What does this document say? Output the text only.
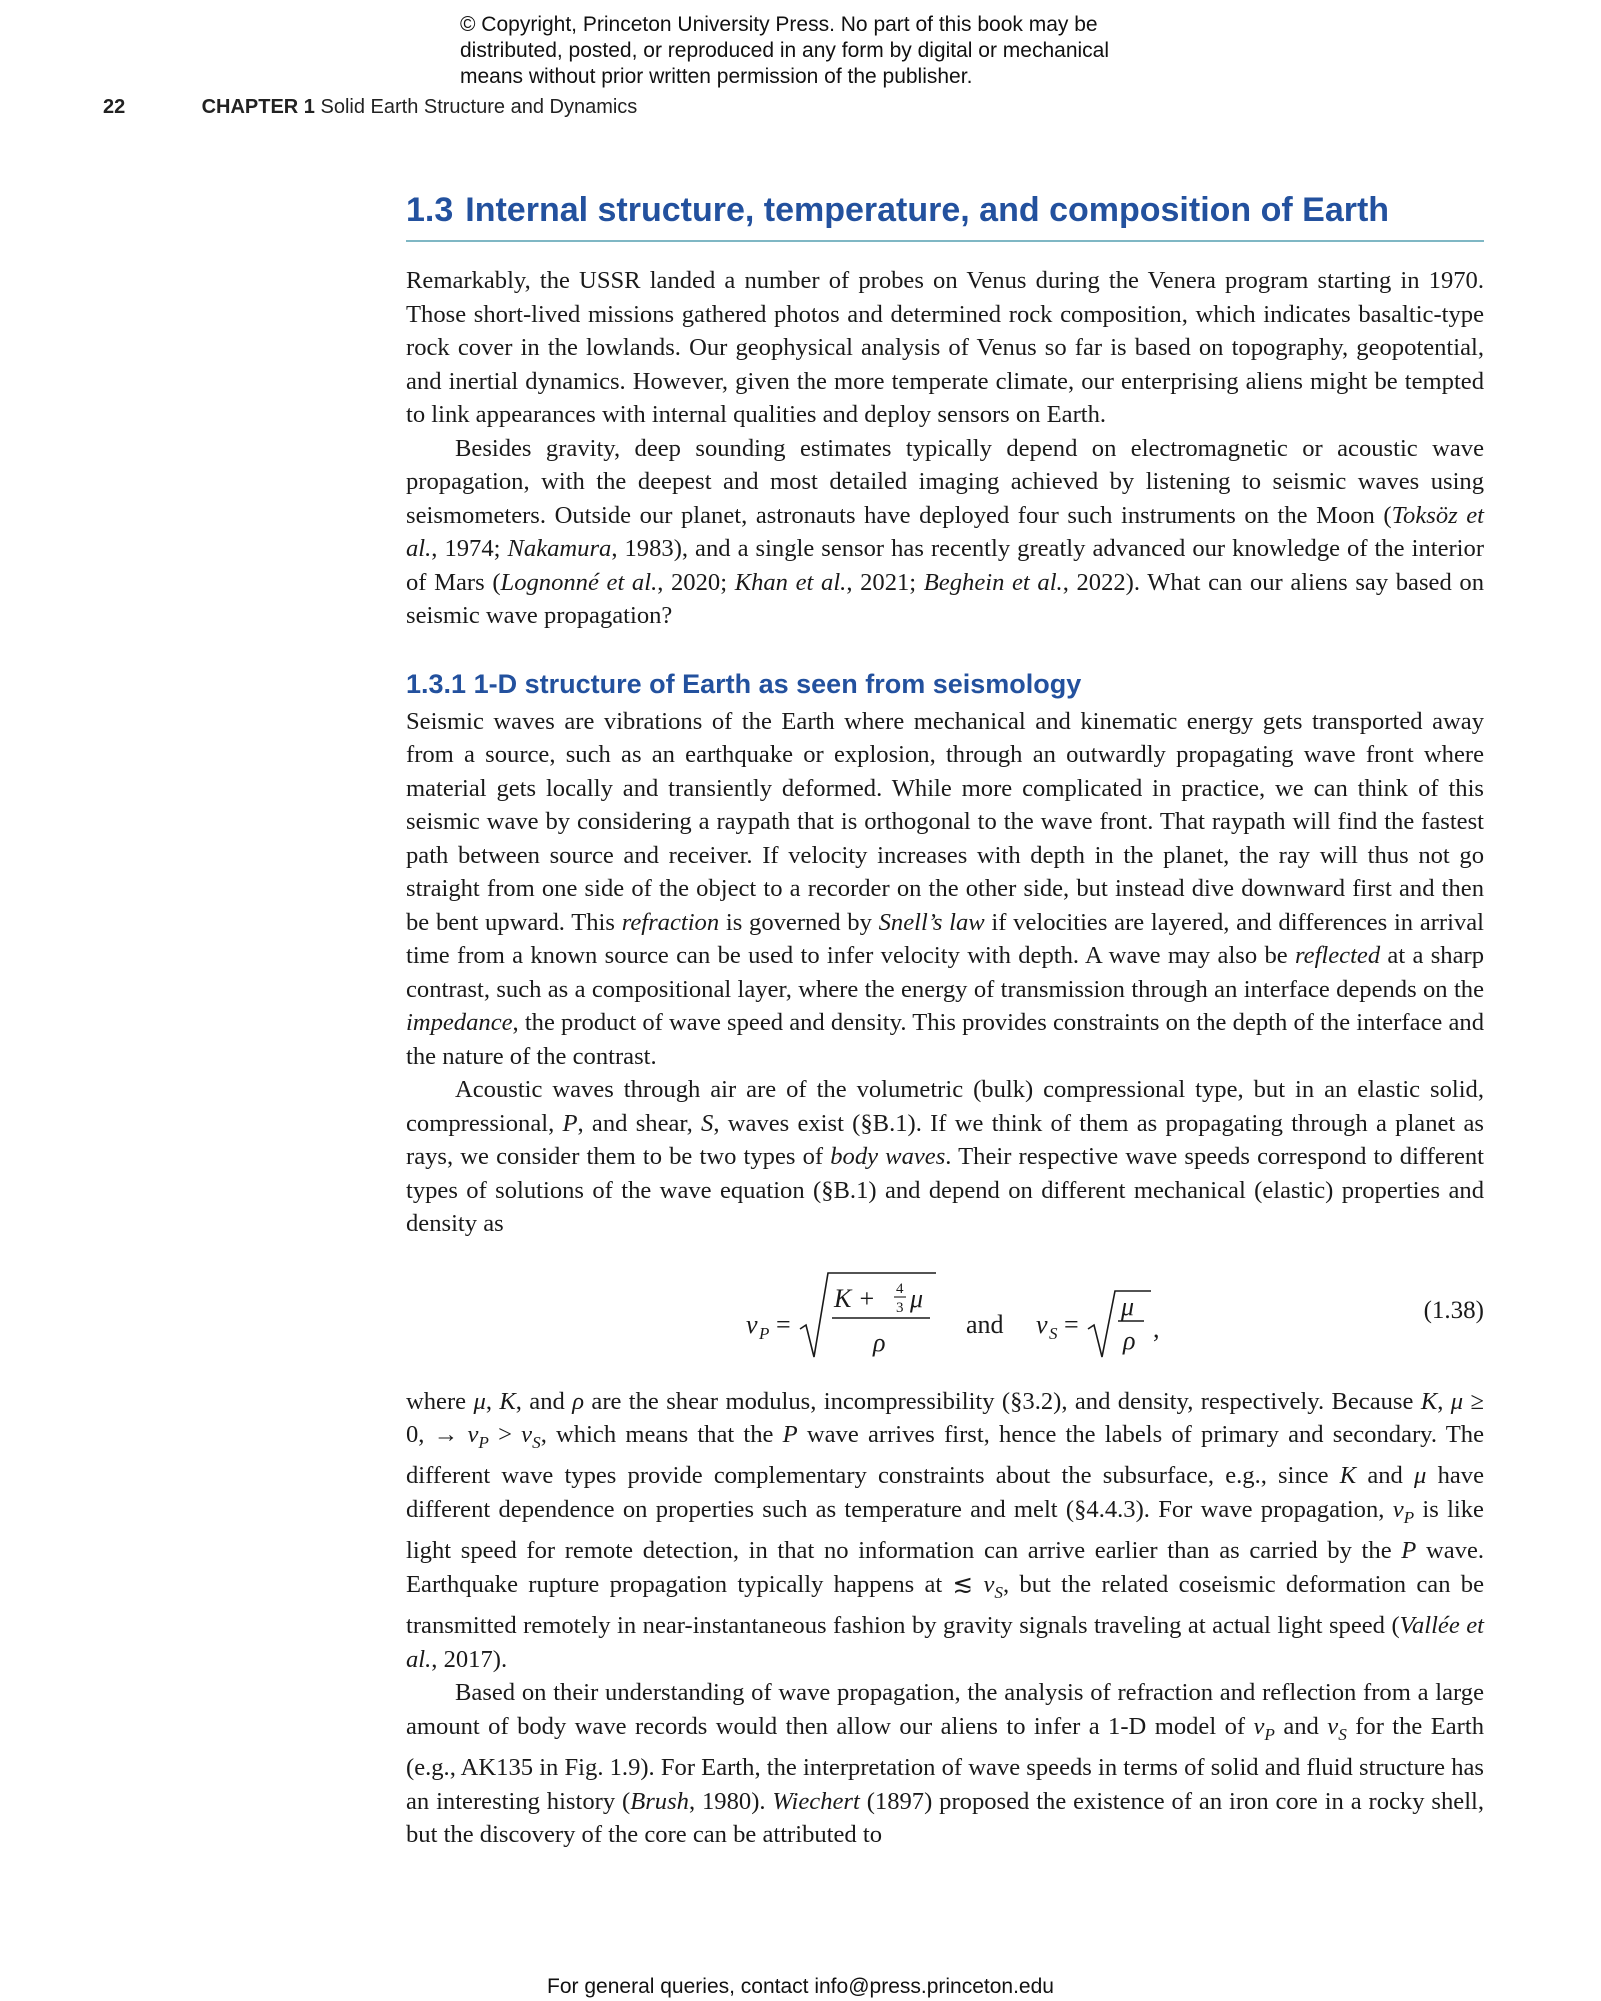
© Copyright, Princeton University Press. No part of this book may be
distributed, posted, or reproduced in any form by digital or mechanical
means without prior written permission of the publisher.
22	CHAPTER 1 Solid Earth Structure and Dynamics
1.3 Internal structure, temperature, and composition of Earth

Remarkably, the USSR landed a number of probes on Venus during the Venera program starting in 1970. Those short-lived missions gathered photos and determined rock composition, which indicates basaltic-type rock cover in the lowlands. Our geophysical analysis of Venus so far is based on topography, geopotential, and inertial dynamics. However, given the more temperate climate, our enterprising aliens might be tempted to link appearances with internal qualities and deploy sensors on Earth.

Besides gravity, deep sounding estimates typically depend on electromagnetic or acoustic wave propagation, with the deepest and most detailed imaging achieved by listening to seismic waves using seismometers. Outside our planet, astronauts have deployed four such instruments on the Moon (Toksöz et al., 1974; Nakamura, 1983), and a single sensor has recently greatly advanced our knowledge of the interior of Mars (Lognonné et al., 2020; Khan et al., 2021; Beghein et al., 2022). What can our aliens say based on seismic wave propagation?

1.3.1 1-D structure of Earth as seen from seismology

Seismic waves are vibrations of the Earth where mechanical and kinematic energy gets transported away from a source, such as an earthquake or explosion, through an outwardly propagating wave front where material gets locally and transiently deformed. While more complicated in practice, we can think of this seismic wave by considering a raypath that is orthogonal to the wave front. That raypath will find the fastest path between source and receiver. If velocity increases with depth in the planet, the ray will thus not go straight from one side of the object to a recorder on the other side, but instead dive downward first and then be bent upward. This refraction is governed by Snell’s law if velocities are layered, and differences in arrival time from a known source can be used to infer velocity with depth. A wave may also be reflected at a sharp contrast, such as a compositional layer, where the energy of transmission through an interface depends on the impedance, the product of wave speed and density. This provides constraints on the depth of the interface and the nature of the contrast.

Acoustic waves through air are of the volumetric (bulk) compressional type, but in an elastic solid, compressional, P, and shear, S, waves exist (§B.1). If we think of them as propagating through a planet as rays, we consider them to be two types of body waves. Their respective wave speeds correspond to different types of solutions of the wave equation (§B.1) and depend on different mechanical (elastic) properties and density as

v P =
K + 4
3 μ
ρ
and v S =
μ
ρ ,
(1.38)

where μ, K, and ρ are the shear modulus, incompressibility (§3.2), and density, respectively. Because K, μ ≥ 0, → $v_P > v_S$, which means that the P wave arrives first, hence the labels of primary and secondary. The different wave types provide complementary constraints about the subsurface, e.g., since K and μ have different dependence on properties such as temperature and melt (§4.4.3). For wave propagation, $v_P$ is like light speed for remote detection, in that no information can arrive earlier than as carried by the P wave. Earthquake rupture propagation typically happens at ≲ $v_S$, but the related coseismic deformation can be transmitted remotely in near-instantaneous fashion by gravity signals traveling at actual light speed (Vallée et al., 2017).

Based on their understanding of wave propagation, the analysis of refraction and reflection from a large amount of body wave records would then allow our aliens to infer a 1-D model of $v_P$ and $v_S$ for the Earth (e.g., AK135 in Fig. 1.9). For Earth, the interpretation of wave speeds in terms of solid and fluid structure has an interesting history (Brush, 1980). Wiechert (1897) proposed the existence of an iron core in a rocky shell, but the discovery of the core can be attributed to

For general queries, contact info@press.princeton.edu
